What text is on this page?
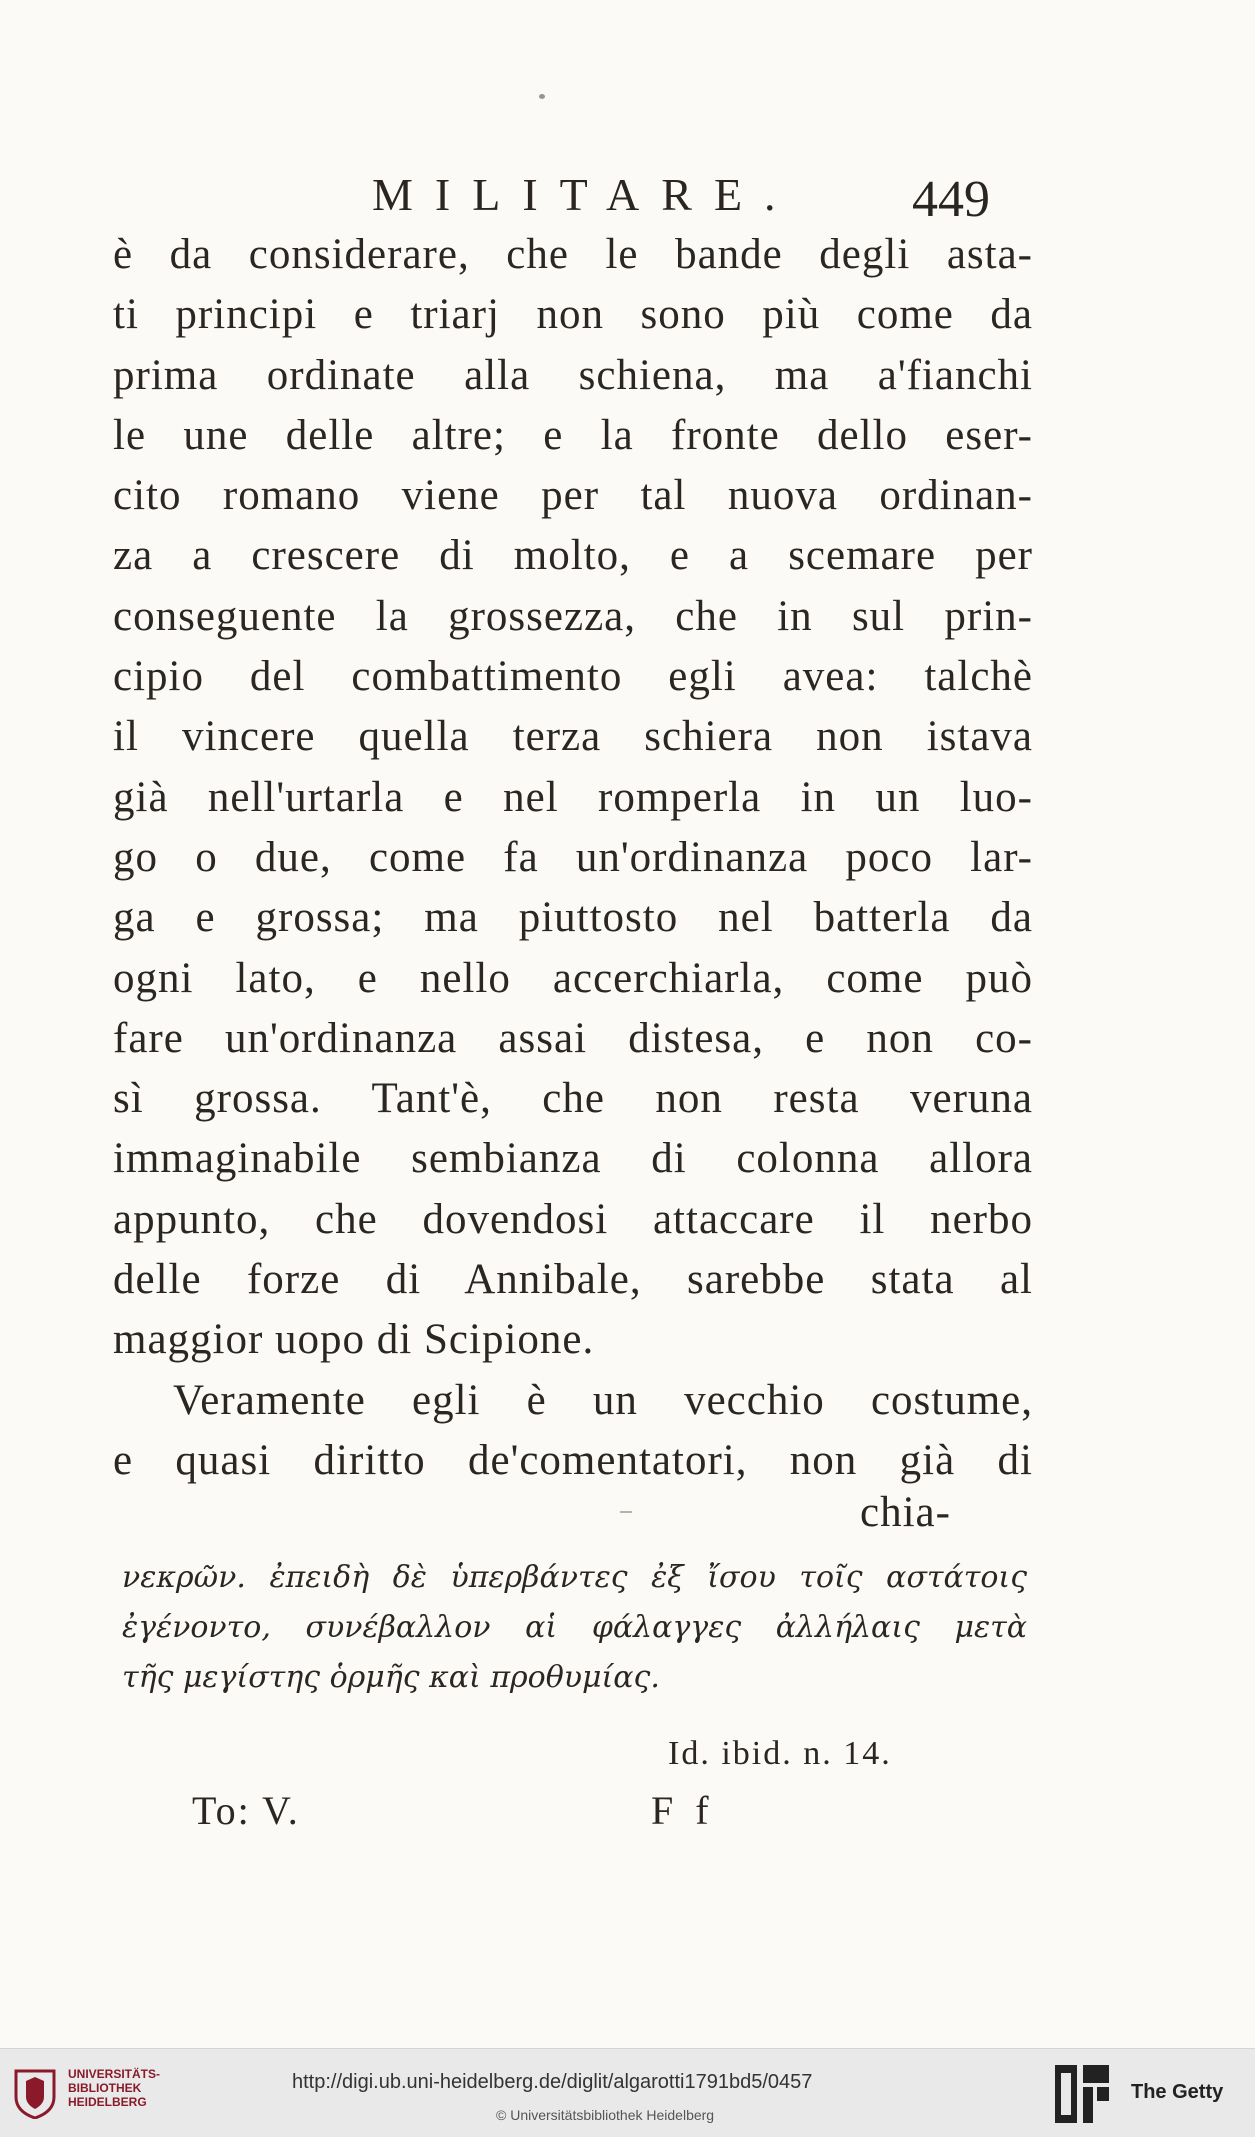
MILITARE. 449
è da considerare, che le bande degli asta-
ti principi e triarj non sono più come da
prima ordinate alla schiena, ma a'fianchi
le une delle altre; e la fronte dello eser-
cito romano viene per tal nuova ordinan-
za a crescere di molto, e a scemare per
conseguente la grossezza, che in sul prin-
cipio del combattimento egli avea: talchè
il vincere quella terza schiera non istava
già nell'urtarla e nel romperla in un luo-
go o due, come fa un'ordinanza poco lar-
ga e grossa; ma piuttosto nel batterla da
ogni lato, e nello accerchiarla, come può
fare un'ordinanza assai distesa, e non co-
sì grossa. Tant'è, che non resta veruna
immaginabile sembianza di colonna allora
appunto, che dovendosi attaccare il nerbo
delle forze di Annibale, sarebbe stata al
maggior uopo di Scipione.
Veramente egli è un vecchio costume,
e quasi diritto de'comentatori, non già di
chia-
νεκρῶν. ἐπειδὴ δὲ ὑπερβάντες ἐξ ἴσου τοῖς αστάτοις
ἐγένοντο, συνέβαλλον αἱ φάλαγγες ἀλλήλαις μετὰ
τῆς μεγίστης ὁρμῆς καὶ προθυμίας.
Id. ibid. n. 14.
To: V.	F f
UNIVERSITÄTS-
BIBLIOTHEK
HEIDELBERG
http://digi.ub.uni-heidelberg.de/diglit/algarotti1791bd5/0457
© Universitätsbibliothek Heidelberg
The Getty
